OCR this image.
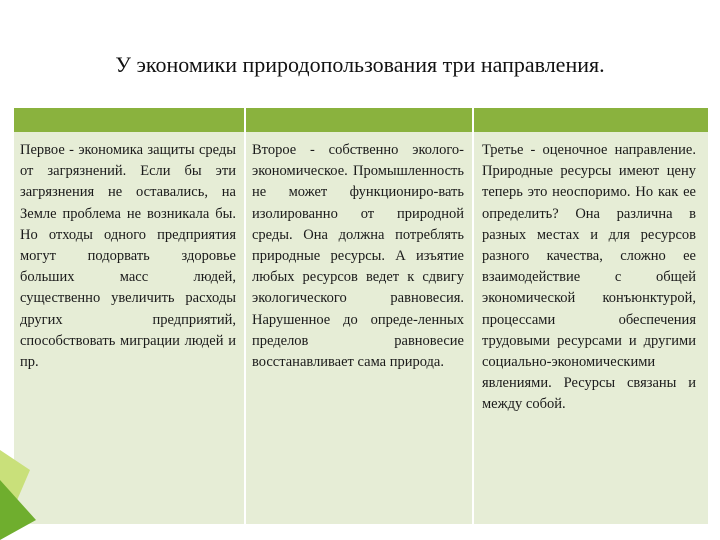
У экономики природопользования три направления.
Первое - экономика защиты среды от загрязнений. Если бы эти загрязнения не оставались, на Земле проблема не возникала бы. Но отходы одного предприятия могут подорвать здоровье больших масс людей, существенно увеличить расходы других предприятий, способствовать миграции людей и пр.
Второе - собственно эколого-экономическое. Промышленность не может функциониро-вать изолированно от природной среды. Она должна потреблять природные ресурсы. А изъятие любых ресурсов ведет к сдвигу экологического равновесия. Нарушенное до опреде-ленных пределов равновесие восстанавливает сама природа.
Третье - оценочное направление. Природные ресурсы имеют цену теперь это неоспоримо. Но как ее определить? Она различна в разных местах и для ресурсов разного качества, сложно ее взаимодействие с общей экономической конъюнктурой, процессами обеспечения трудовыми ресурсами и другими социально-экономическими явлениями. Ресурсы связаны и между собой.
